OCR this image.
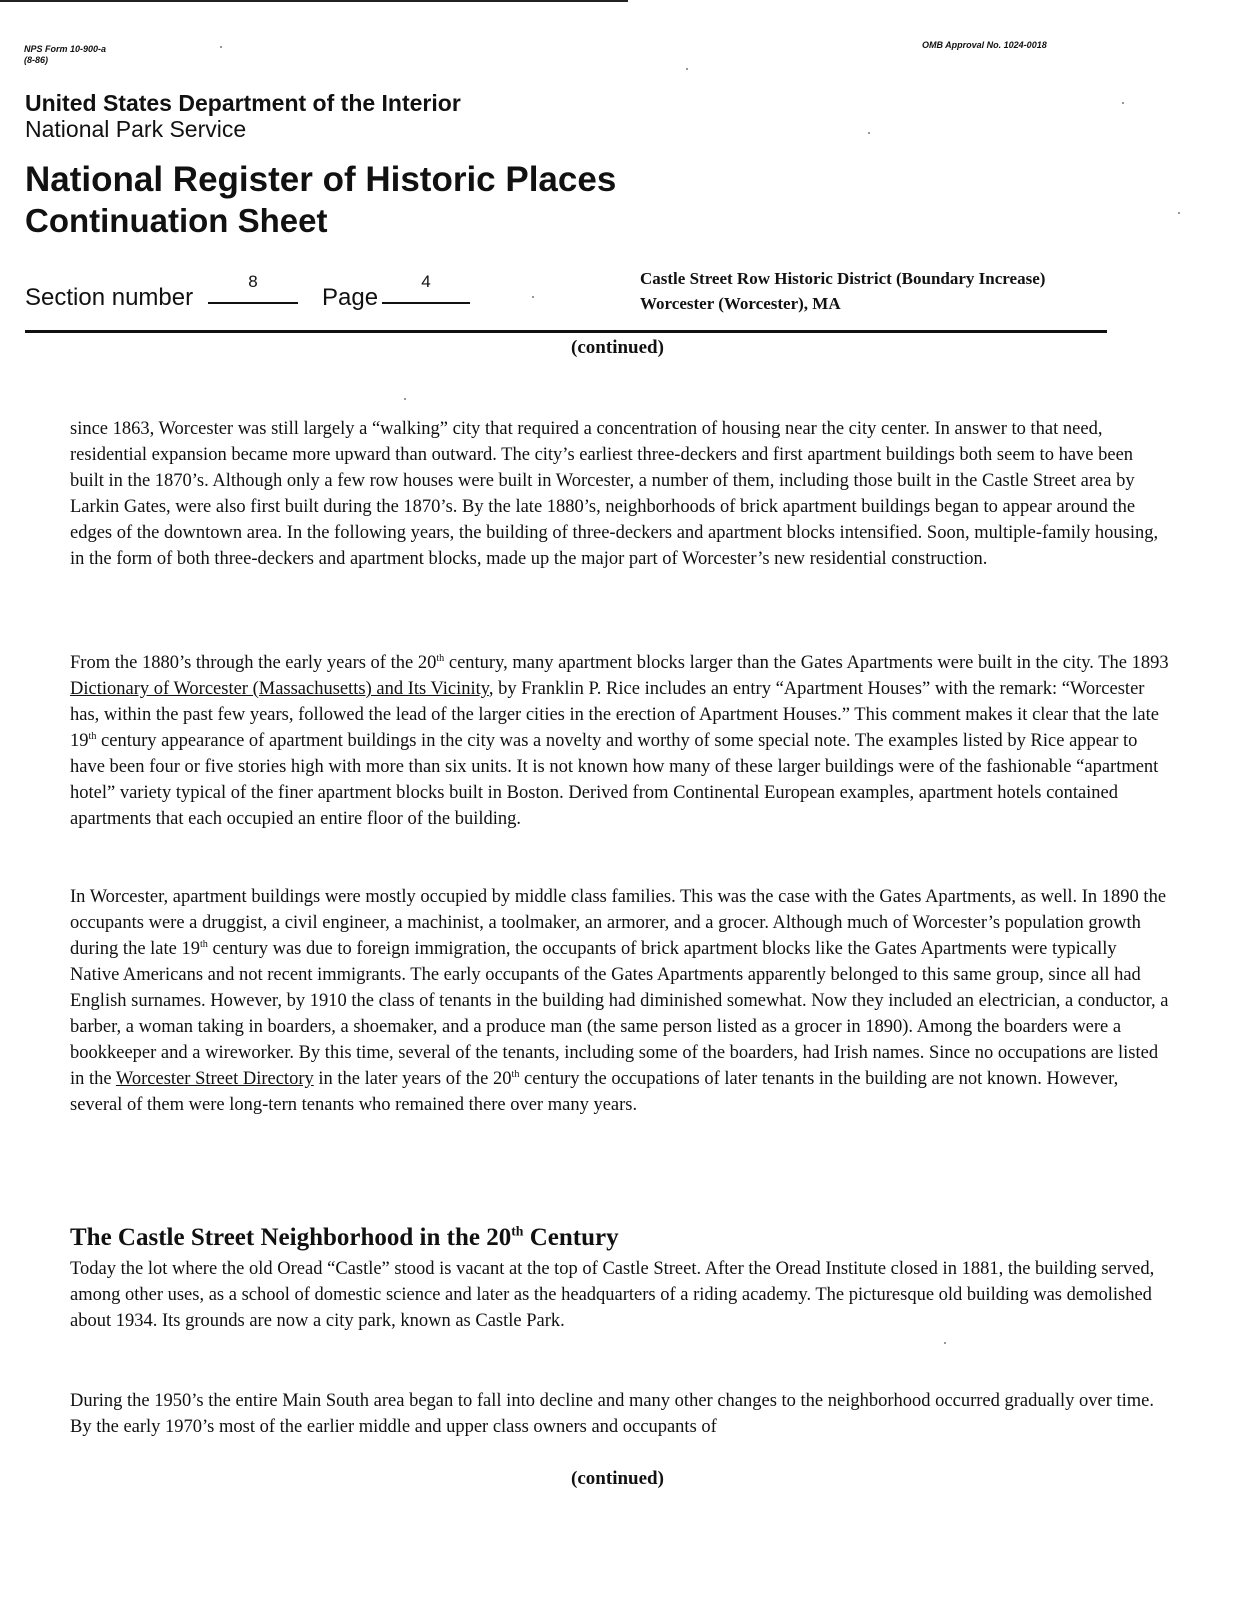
NPS Form 10-900-a
(8-86)
OMB Approval No. 1024-0018
United States Department of the Interior
National Park Service
National Register of Historic Places
Continuation Sheet
Section number
8
Page
4	Castle Street Row Historic District (Boundary Increase)
Worcester (Worcester), MA
(continued)

since 1863, Worcester was still largely a “walking” city that required a concentration of housing near the city center. In answer to that need, residential expansion became more upward than outward. The city’s earliest three-deckers and first apartment buildings both seem to have been built in the 1870’s. Although only a few row houses were built in Worcester, a number of them, including those built in the Castle Street area by Larkin Gates, were also first built during the 1870’s. By the late 1880’s, neighborhoods of brick apartment buildings began to appear around the edges of the downtown area. In the following years, the building of three-deckers and apartment blocks intensified. Soon, multiple-family housing, in the form of both three-deckers and apartment blocks, made up the major part of Worcester’s new residential construction.

From the 1880’s through the early years of the 20th century, many apartment blocks larger than the Gates Apartments were built in the city. The 1893 Dictionary of Worcester (Massachusetts) and Its Vicinity, by Franklin P. Rice includes an entry “Apartment Houses” with the remark: “Worcester has, within the past few years, followed the lead of the larger cities in the erection of Apartment Houses.” This comment makes it clear that the late 19th century appearance of apartment buildings in the city was a novelty and worthy of some special note. The examples listed by Rice appear to have been four or five stories high with more than six units. It is not known how many of these larger buildings were of the fashionable “apartment hotel” variety typical of the finer apartment blocks built in Boston. Derived from Continental European examples, apartment hotels contained apartments that each occupied an entire floor of the building.

In Worcester, apartment buildings were mostly occupied by middle class families. This was the case with the Gates Apartments, as well. In 1890 the occupants were a druggist, a civil engineer, a machinist, a toolmaker, an armorer, and a grocer. Although much of Worcester’s population growth during the late 19th century was due to foreign immigration, the occupants of brick apartment blocks like the Gates Apartments were typically Native Americans and not recent immigrants. The early occupants of the Gates Apartments apparently belonged to this same group, since all had English surnames. However, by 1910 the class of tenants in the building had diminished somewhat. Now they included an electrician, a conductor, a barber, a woman taking in boarders, a shoemaker, and a produce man (the same person listed as a grocer in 1890). Among the boarders were a bookkeeper and a wireworker. By this time, several of the tenants, including some of the boarders, had Irish names. Since no occupations are listed in the Worcester Street Directory in the later years of the 20th century the occupations of later tenants in the building are not known. However, several of them were long-tern tenants who remained there over many years.

The Castle Street Neighborhood in the 20th Century

Today the lot where the old Oread “Castle” stood is vacant at the top of Castle Street. After the Oread Institute closed in 1881, the building served, among other uses, as a school of domestic science and later as the headquarters of a riding academy. The picturesque old building was demolished about 1934. Its grounds are now a city park, known as Castle Park.

During the 1950’s the entire Main South area began to fall into decline and many other changes to the neighborhood occurred gradually over time. By the early 1970’s most of the earlier middle and upper class owners and occupants of

(continued)
